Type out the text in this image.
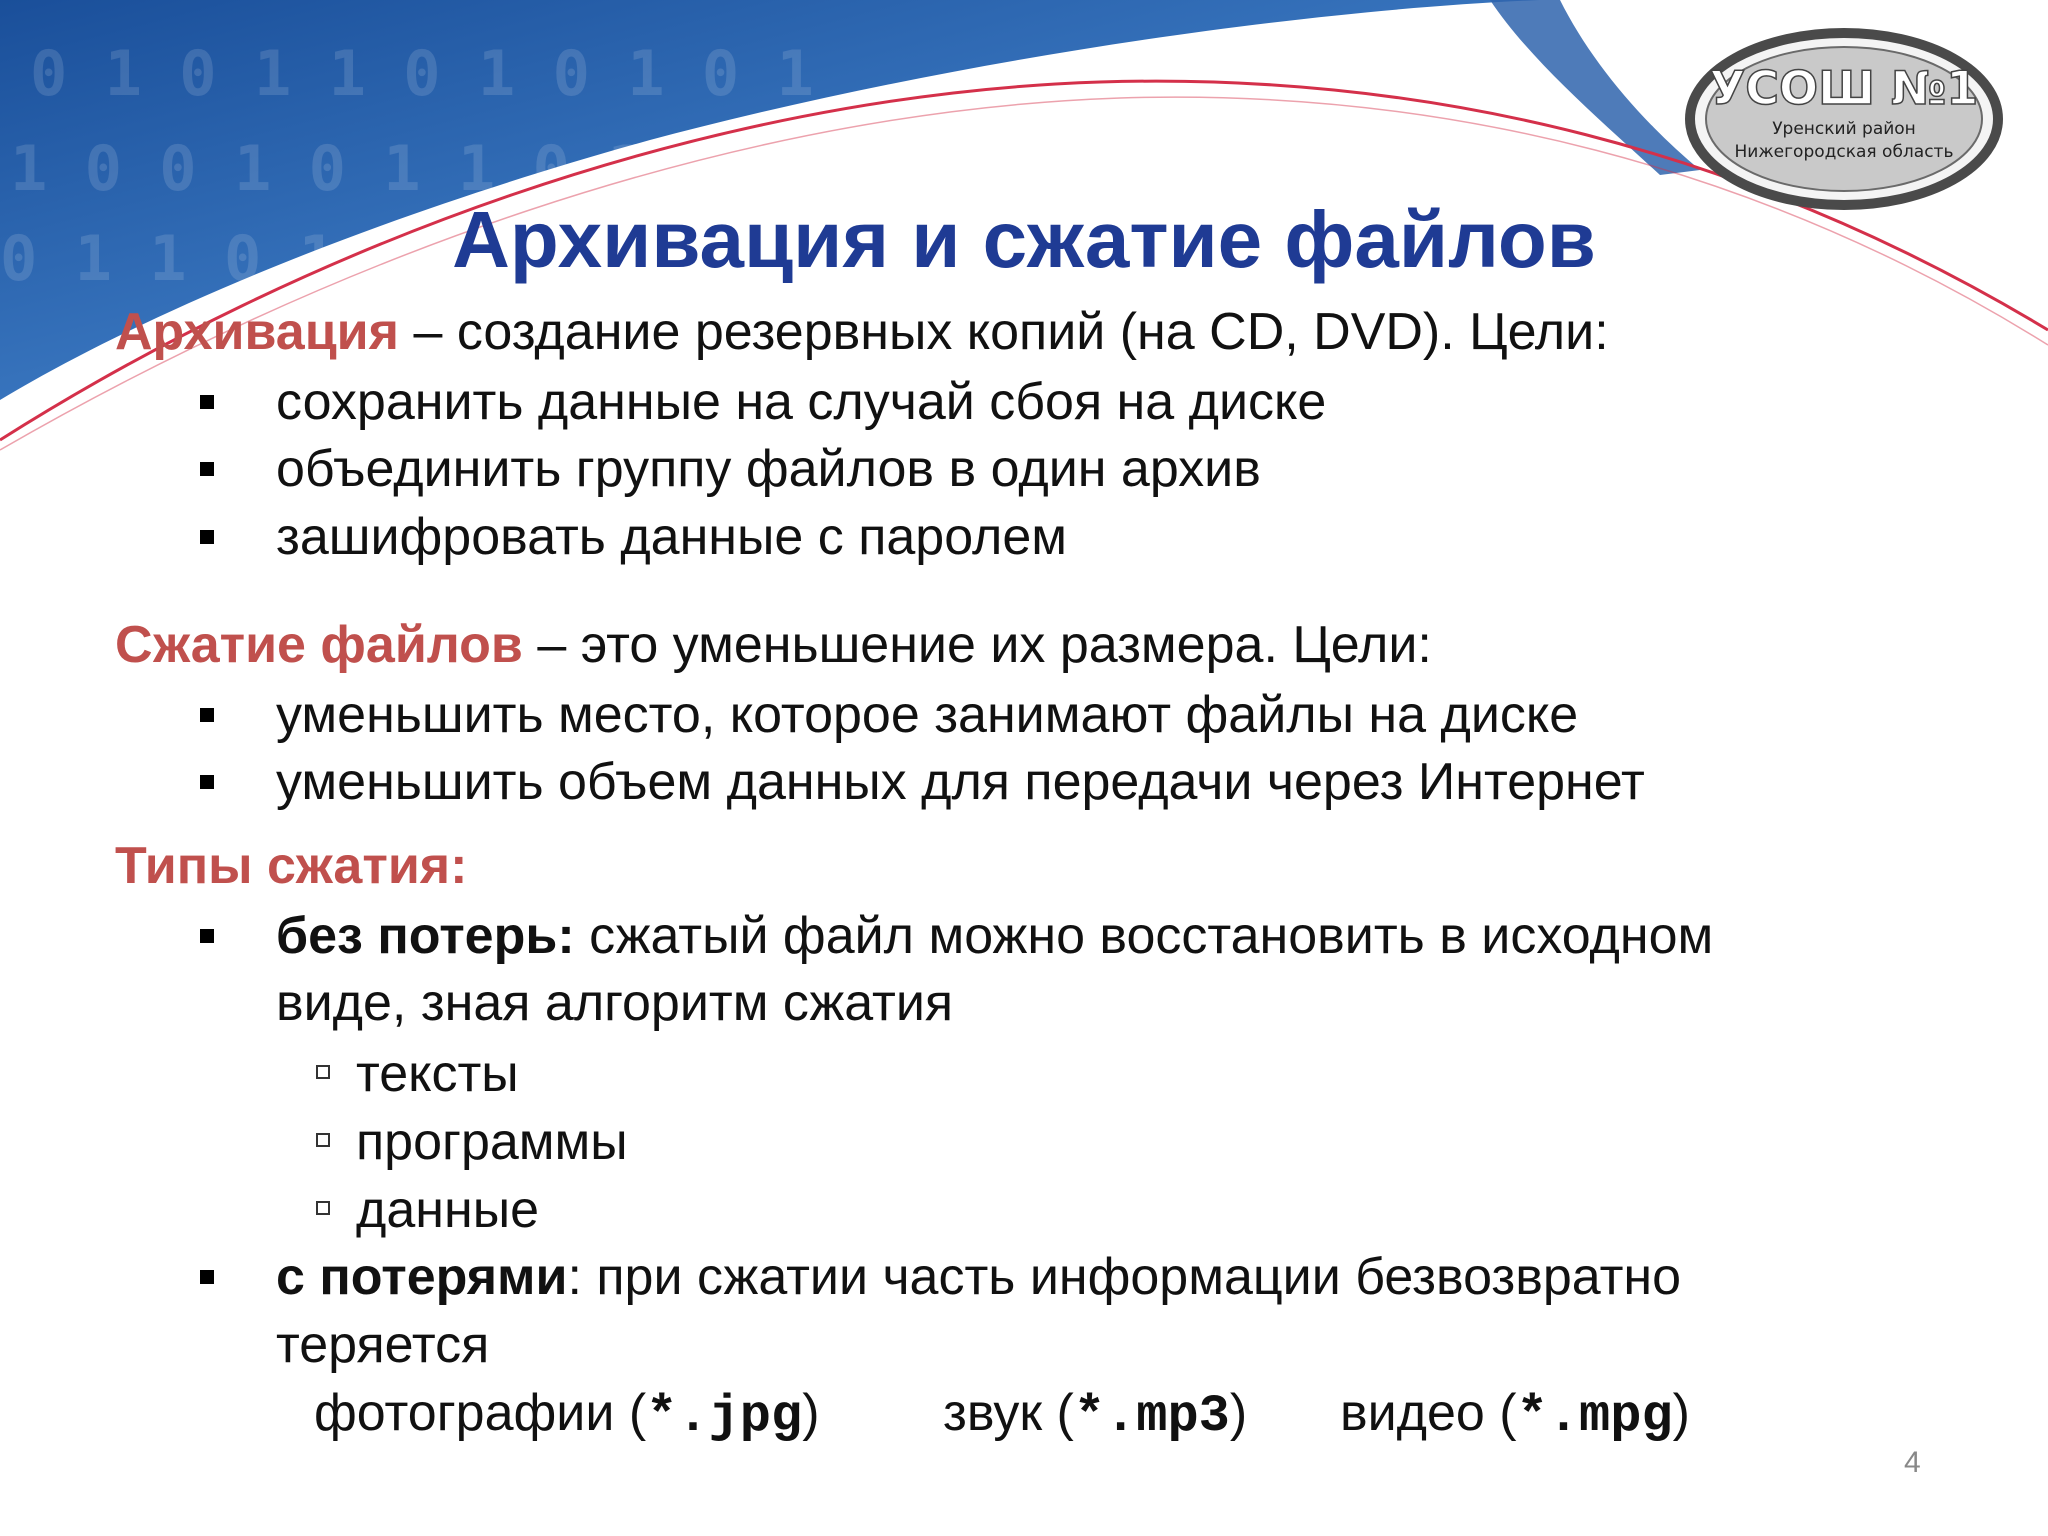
0 1 0 1 1 0 1 0 1 0 1
1 0 0 1 0 1 1 0 1 0
0 1 1 0 1 0 1 0 1
УСОШ №1
Уренский район
Нижегородская область
Архивация и сжатие файлов
Архивация – создание резервных копий (на CD, DVD). Цели:
сохранить данные на случай сбоя на диске
объединить группу файлов в один архив
зашифровать данные с паролем
Сжатие файлов – это уменьшение их размера. Цели:
уменьшить место, которое занимают файлы на диске
уменьшить объем данных для передачи через Интернет
Типы сжатия:
без потерь: сжатый файл можно восстановить в исходном
виде, зная алгоритм сжатия
тексты
программы
данные
с потерями: при сжатии часть информации безвозвратно
теряется
фотографии (*.jpg) звук (*.mp3) видео (*.mpg)
4
